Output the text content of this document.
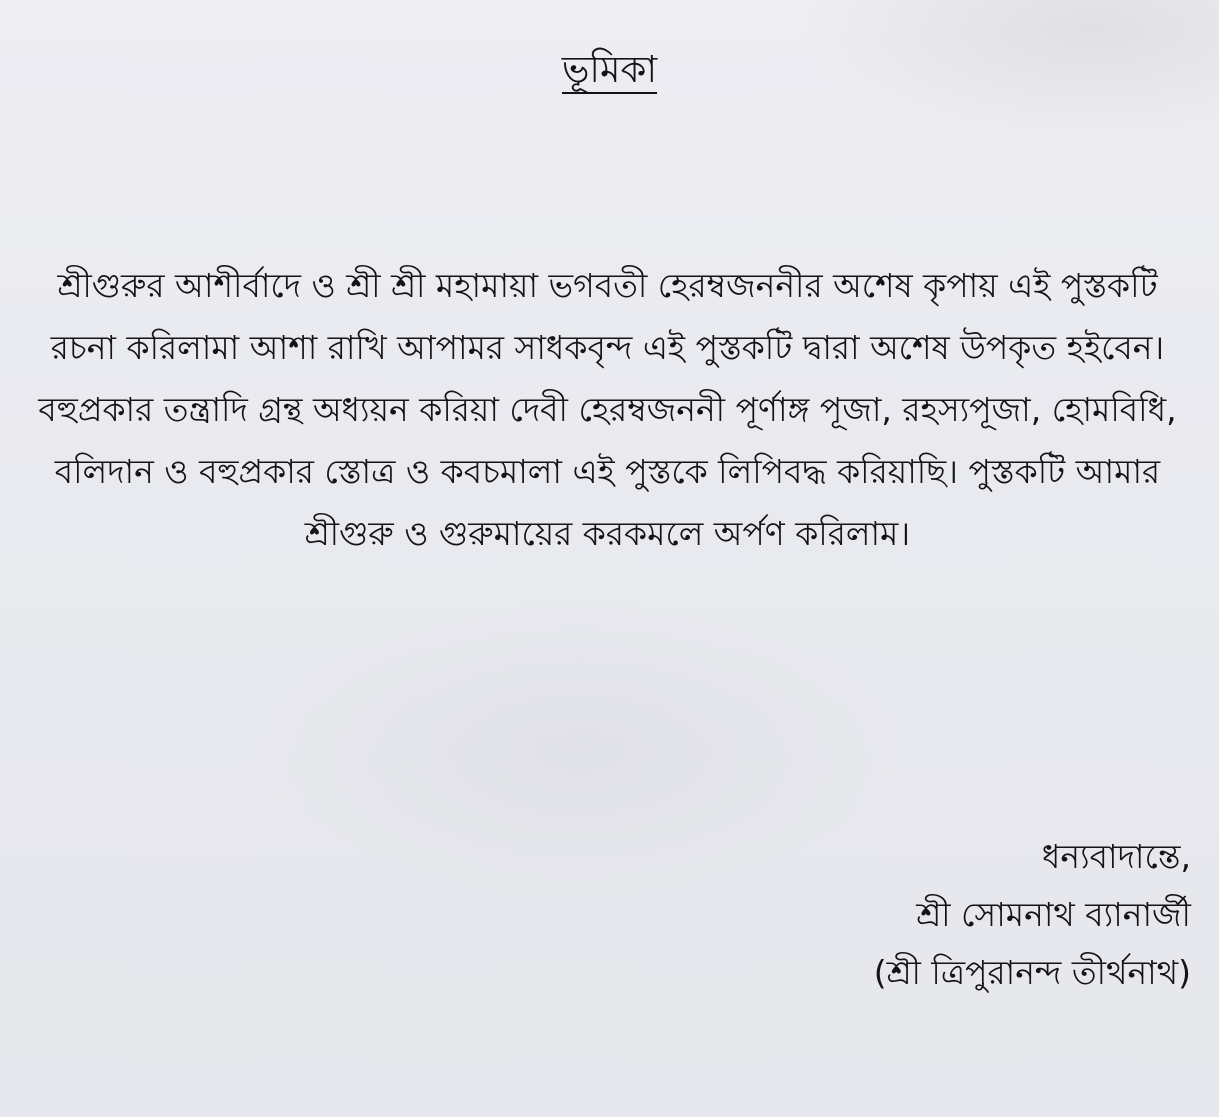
ভূমিকা

শ্রীগুরুর আশীর্বাদে ও শ্রী শ্রী মহামায়া ভগবতী হেরম্বজননীর অশেষ কৃপায় এই পুস্তকটি
রচনা করিলামা আশা রাখি আপামর সাধকবৃন্দ এই পুস্তকটি দ্বারা অশেষ উপকৃত হইবেন।
বহুপ্রকার তন্ত্রাদি গ্রন্থ অধ্যয়ন করিয়া দেবী হেরম্বজননী পূর্ণাঙ্গ পূজা, রহস্যপূজা, হোমবিধি,
বলিদান ও বহুপ্রকার স্তোত্র ও কবচমালা এই পুস্তকে লিপিবদ্ধ করিয়াছি। পুস্তকটি আমার
শ্রীগুরু ও গুরুমায়ের করকমলে অর্পণ করিলাম।

ধন্যবাদান্তে,
শ্রী সোমনাথ ব্যানার্জী
(শ্রী ত্রিপুরানন্দ তীর্থনাথ)
